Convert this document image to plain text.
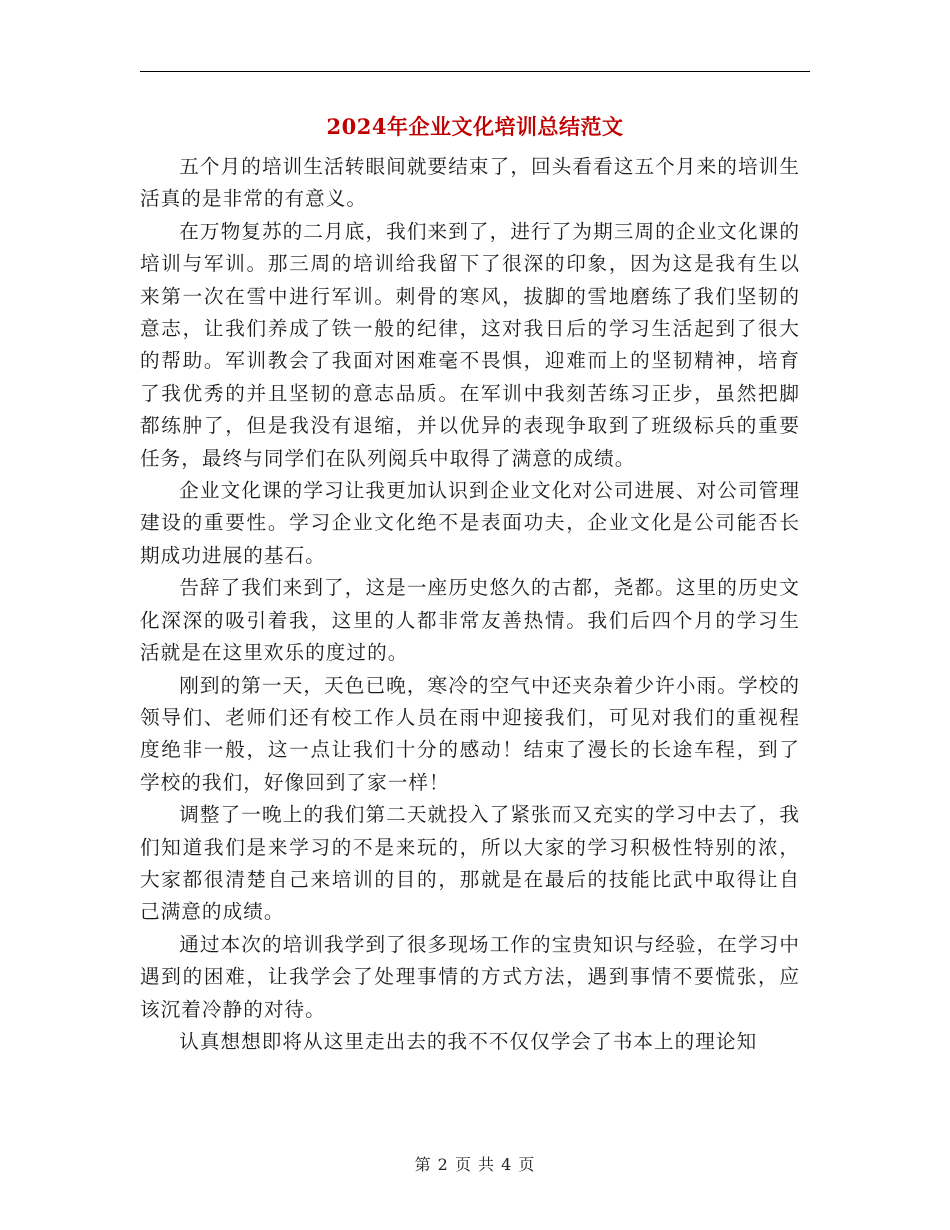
2024年企业文化培训总结范文

五个月的培训生活转眼间就要结束了，回头看看这五个月来的培训生活真的是非常的有意义。

在万物复苏的二月底，我们来到了，进行了为期三周的企业文化课的培训与军训。那三周的培训给我留下了很深的印象，因为这是我有生以来第一次在雪中进行军训。刺骨的寒风，拔脚的雪地磨练了我们坚韧的意志，让我们养成了铁一般的纪律，这对我日后的学习生活起到了很大的帮助。军训教会了我面对困难毫不畏惧，迎难而上的坚韧精神，培育了我优秀的并且坚韧的意志品质。在军训中我刻苦练习正步，虽然把脚都练肿了，但是我没有退缩，并以优异的表现争取到了班级标兵的重要任务，最终与同学们在队列阅兵中取得了满意的成绩。

企业文化课的学习让我更加认识到企业文化对公司进展、对公司管理建设的重要性。学习企业文化绝不是表面功夫，企业文化是公司能否长期成功进展的基石。

告辞了我们来到了，这是一座历史悠久的古都，尧都。这里的历史文化深深的吸引着我，这里的人都非常友善热情。我们后四个月的学习生活就是在这里欢乐的度过的。

刚到的第一天，天色已晚，寒冷的空气中还夹杂着少许小雨。学校的领导们、老师们还有校工作人员在雨中迎接我们，可见对我们的重视程度绝非一般，这一点让我们十分的感动！结束了漫长的长途车程，到了学校的我们，好像回到了家一样！

调整了一晚上的我们第二天就投入了紧张而又充实的学习中去了，我们知道我们是来学习的不是来玩的，所以大家的学习积极性特别的浓，大家都很清楚自己来培训的目的，那就是在最后的技能比武中取得让自己满意的成绩。

通过本次的培训我学到了很多现场工作的宝贵知识与经验，在学习中遇到的困难，让我学会了处理事情的方式方法，遇到事情不要慌张，应该沉着冷静的对待。

认真想想即将从这里走出去的我不不仅仅学会了书本上的理论知

第 2 页 共 4 页
